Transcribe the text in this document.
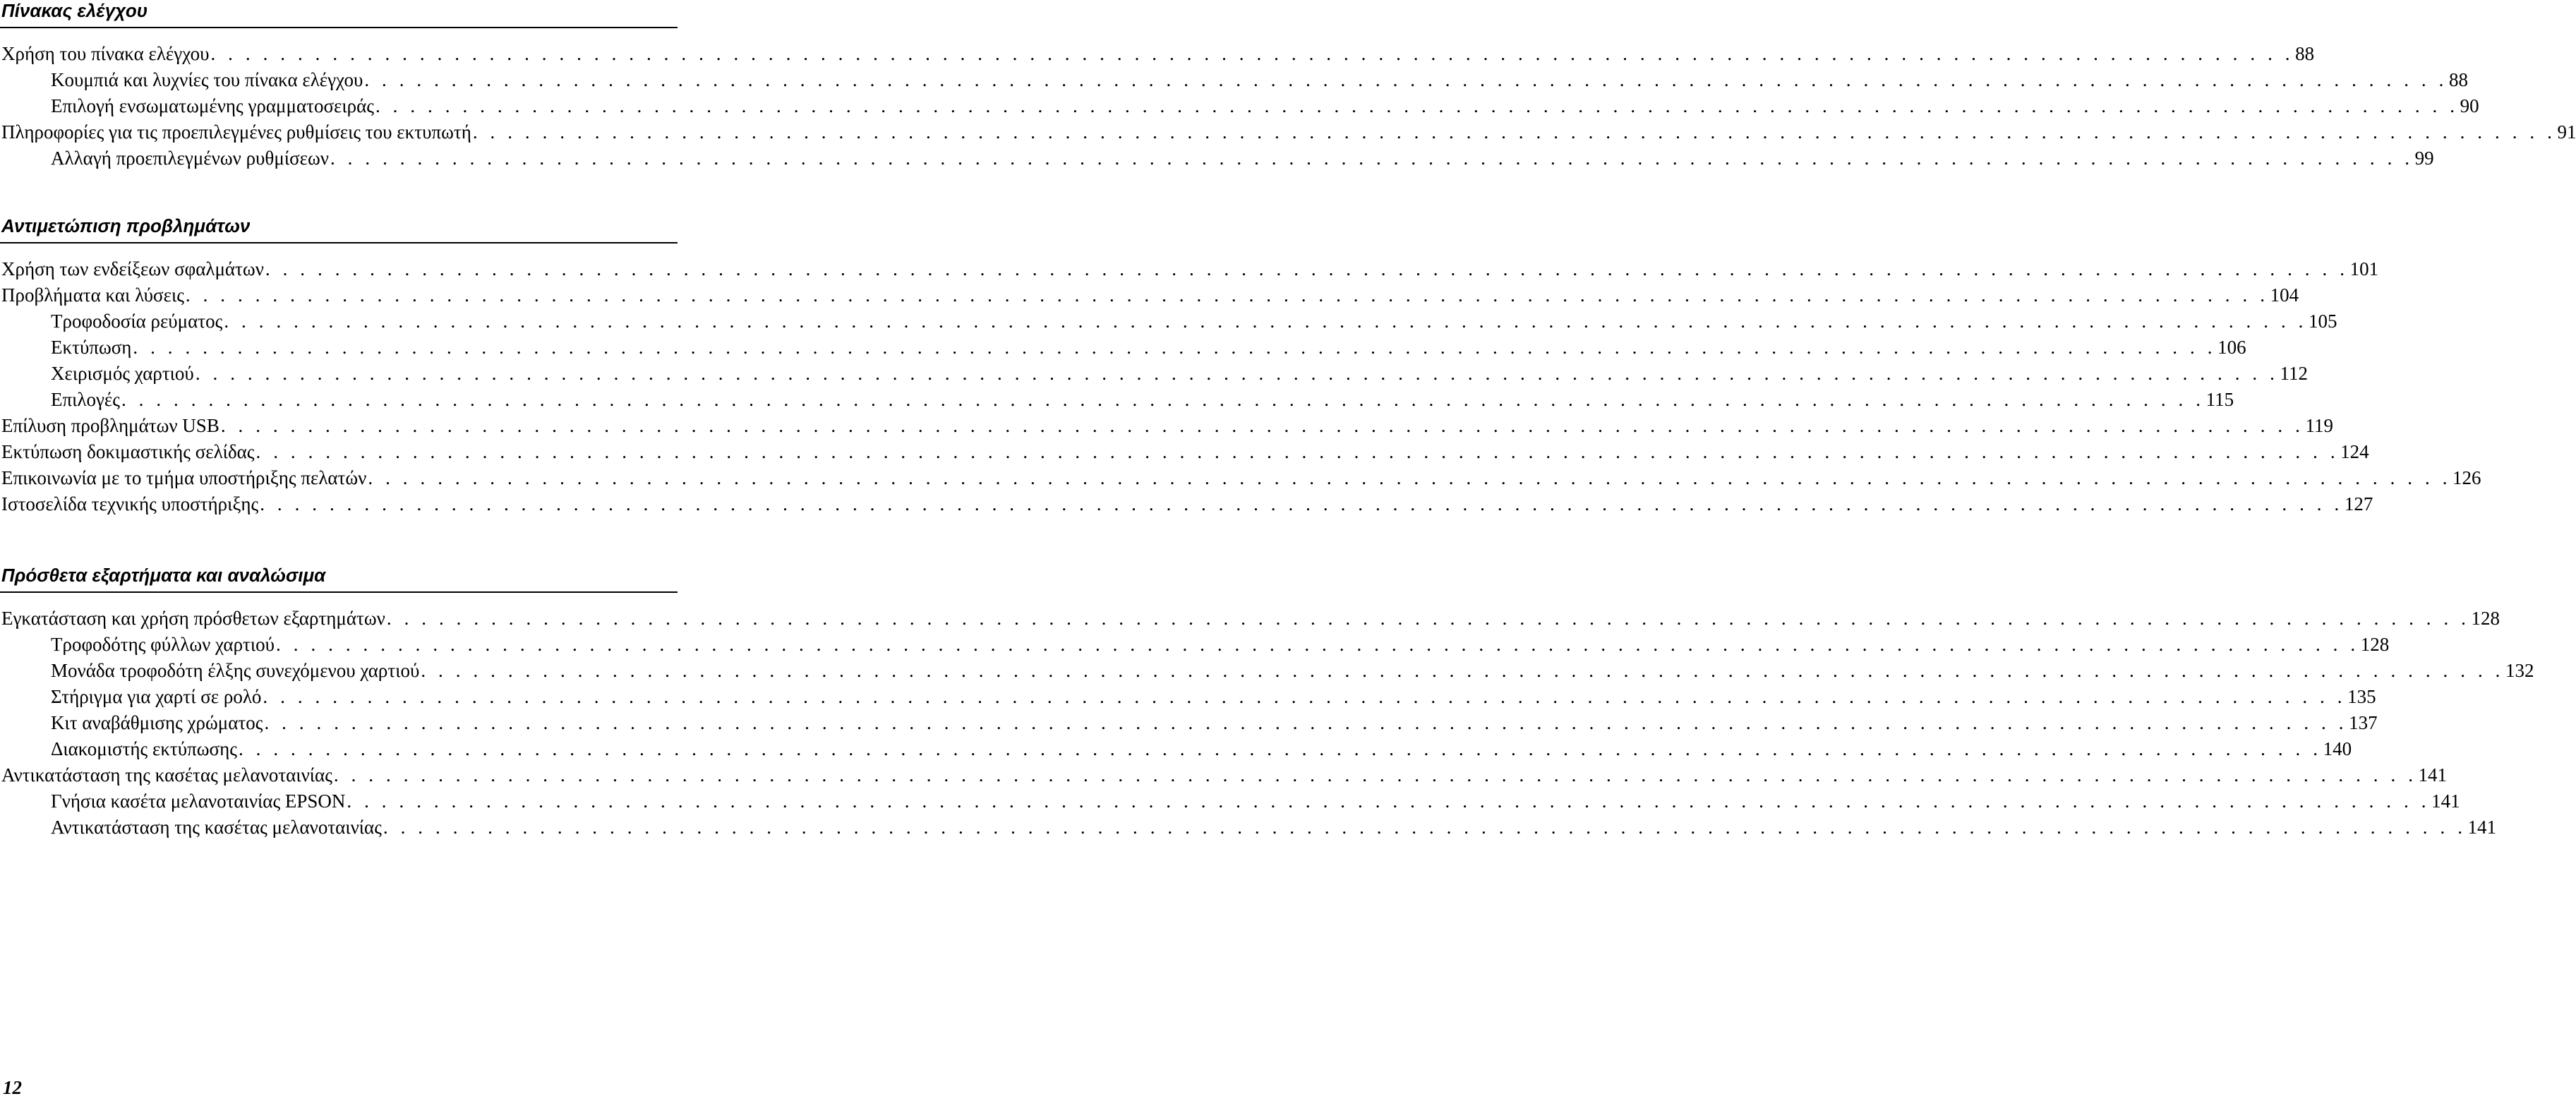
Πίνακας ελέγχου
Χρήση του πίνακα ελέγχου . . . . . . . . . . . . . . . . . . . . . . . . . . . . . . . . . . . . . . . . . . . . . . . . . . . . . . . . . . . . . . . . . . . . . . . . . . . . . . . . . . . . . . . . . . . . . . . . . . . . . . . . . . . . . . . . . . . . . . . . 88
Κουμπιά και λυχνίες του πίνακα ελέγχου . . . . . . . . . . . . . . . . . . . . . . . . . . . . . . . . . . . . . . . . . . . . . . . . . . . . . . . . . . . . . . . . . . . . . . . . . . . . . . . . . . . . . . . . . . . . . . . . . . . . . . . . . . . . . . . . . . . . . . . . 88
Επιλογή ενσωματωμένης γραμματοσειράς . . . . . . . . . . . . . . . . . . . . . . . . . . . . . . . . . . . . . . . . . . . . . . . . . . . . . . . . . . . . . . . . . . . . . . . . . . . . . . . . . . . . . . . . . . . . . . . . . . . . . . . . . . . . . . . . . . . . . . . . 90
Πληροφορίες για τις προεπιλεγμένες ρυθμίσεις του εκτυπωτή . . . . . . . . . . . . . . . . . . . . . . . . . . . . . . . . . . . . . . . . . . . . . . . . . . . . . . . . . . . . . . . . . . . . . . . . . . . . . . . . . . . . . . . . . . . . . . . . . . . . . . . . . . . . . . . . . . . . . . . . 91
Αλλαγή προεπιλεγμένων ρυθμίσεων . . . . . . . . . . . . . . . . . . . . . . . . . . . . . . . . . . . . . . . . . . . . . . . . . . . . . . . . . . . . . . . . . . . . . . . . . . . . . . . . . . . . . . . . . . . . . . . . . . . . . . . . . . . . . . . . . . . . . . . . 99
Αντιμετώπιση προβλημάτων
Χρήση των ενδείξεων σφαλμάτων . . . . . . . . . . . . . . . . . . . . . . . . . . . . . . . . . . . . . . . . . . . . . . . . . . . . . . . . . . . . . . . . . . . . . . . . . . . . . . . . . . . . . . . . . . . . . . . . . . . . . . . . . . . . . . . . . . . . . . . . 101
Προβλήματα και λύσεις . . . . . . . . . . . . . . . . . . . . . . . . . . . . . . . . . . . . . . . . . . . . . . . . . . . . . . . . . . . . . . . . . . . . . . . . . . . . . . . . . . . . . . . . . . . . . . . . . . . . . . . . . . . . . . . . . . . . . . . . 104
Τροφοδοσία ρεύματος . . . . . . . . . . . . . . . . . . . . . . . . . . . . . . . . . . . . . . . . . . . . . . . . . . . . . . . . . . . . . . . . . . . . . . . . . . . . . . . . . . . . . . . . . . . . . . . . . . . . . . . . . . . . . . . . . . . . . . . . 105
Εκτύπωση . . . . . . . . . . . . . . . . . . . . . . . . . . . . . . . . . . . . . . . . . . . . . . . . . . . . . . . . . . . . . . . . . . . . . . . . . . . . . . . . . . . . . . . . . . . . . . . . . . . . . . . . . . . . . . . . . . . . . . . . 106
Χειρισμός χαρτιού . . . . . . . . . . . . . . . . . . . . . . . . . . . . . . . . . . . . . . . . . . . . . . . . . . . . . . . . . . . . . . . . . . . . . . . . . . . . . . . . . . . . . . . . . . . . . . . . . . . . . . . . . . . . . . . . . . . . . . . . 112
Επιλογές . . . . . . . . . . . . . . . . . . . . . . . . . . . . . . . . . . . . . . . . . . . . . . . . . . . . . . . . . . . . . . . . . . . . . . . . . . . . . . . . . . . . . . . . . . . . . . . . . . . . . . . . . . . . . . . . . . . . . . . . 115
Επίλυση προβλημάτων USB . . . . . . . . . . . . . . . . . . . . . . . . . . . . . . . . . . . . . . . . . . . . . . . . . . . . . . . . . . . . . . . . . . . . . . . . . . . . . . . . . . . . . . . . . . . . . . . . . . . . . . . . . . . . . . . . . . . . . . . . 119
Εκτύπωση δοκιμαστικής σελίδας . . . . . . . . . . . . . . . . . . . . . . . . . . . . . . . . . . . . . . . . . . . . . . . . . . . . . . . . . . . . . . . . . . . . . . . . . . . . . . . . . . . . . . . . . . . . . . . . . . . . . . . . . . . . . . . . . . . . . . . . 124
Επικοινωνία με το τμήμα υποστήριξης πελατών . . . . . . . . . . . . . . . . . . . . . . . . . . . . . . . . . . . . . . . . . . . . . . . . . . . . . . . . . . . . . . . . . . . . . . . . . . . . . . . . . . . . . . . . . . . . . . . . . . . . . . . . . . . . . . . . . . . . . . . . 126
Ιστοσελίδα τεχνικής υποστήριξης . . . . . . . . . . . . . . . . . . . . . . . . . . . . . . . . . . . . . . . . . . . . . . . . . . . . . . . . . . . . . . . . . . . . . . . . . . . . . . . . . . . . . . . . . . . . . . . . . . . . . . . . . . . . . . . . . . . . . . . . 127
Πρόσθετα εξαρτήματα και αναλώσιμα
Εγκατάσταση και χρήση πρόσθετων εξαρτημάτων . . . . . . . . . . . . . . . . . . . . . . . . . . . . . . . . . . . . . . . . . . . . . . . . . . . . . . . . . . . . . . . . . . . . . . . . . . . . . . . . . . . . . . . . . . . . . . . . . . . . . . . . . . . . . . . . . . . . . . . . 128
Τροφοδότης φύλλων χαρτιού . . . . . . . . . . . . . . . . . . . . . . . . . . . . . . . . . . . . . . . . . . . . . . . . . . . . . . . . . . . . . . . . . . . . . . . . . . . . . . . . . . . . . . . . . . . . . . . . . . . . . . . . . . . . . . . . . . . . . . . . 128
Μονάδα τροφοδότη έλξης συνεχόμενου χαρτιού . . . . . . . . . . . . . . . . . . . . . . . . . . . . . . . . . . . . . . . . . . . . . . . . . . . . . . . . . . . . . . . . . . . . . . . . . . . . . . . . . . . . . . . . . . . . . . . . . . . . . . . . . . . . . . . . . . . . . . . . 132
Στήριγμα για χαρτί σε ρολό . . . . . . . . . . . . . . . . . . . . . . . . . . . . . . . . . . . . . . . . . . . . . . . . . . . . . . . . . . . . . . . . . . . . . . . . . . . . . . . . . . . . . . . . . . . . . . . . . . . . . . . . . . . . . . . . . . . . . . . . 135
Κιτ αναβάθμισης χρώματος . . . . . . . . . . . . . . . . . . . . . . . . . . . . . . . . . . . . . . . . . . . . . . . . . . . . . . . . . . . . . . . . . . . . . . . . . . . . . . . . . . . . . . . . . . . . . . . . . . . . . . . . . . . . . . . . . . . . . . . . 137
Διακομιστής εκτύπωσης . . . . . . . . . . . . . . . . . . . . . . . . . . . . . . . . . . . . . . . . . . . . . . . . . . . . . . . . . . . . . . . . . . . . . . . . . . . . . . . . . . . . . . . . . . . . . . . . . . . . . . . . . . . . . . . . . . . . . . . . 140
Αντικατάσταση της κασέτας μελανοταινίας . . . . . . . . . . . . . . . . . . . . . . . . . . . . . . . . . . . . . . . . . . . . . . . . . . . . . . . . . . . . . . . . . . . . . . . . . . . . . . . . . . . . . . . . . . . . . . . . . . . . . . . . . . . . . . . . . . . . . . . . 141
Γνήσια κασέτα μελανοταινίας EPSON . . . . . . . . . . . . . . . . . . . . . . . . . . . . . . . . . . . . . . . . . . . . . . . . . . . . . . . . . . . . . . . . . . . . . . . . . . . . . . . . . . . . . . . . . . . . . . . . . . . . . . . . . . . . . . . . . . . . . . . . 141
Αντικατάσταση της κασέτας μελανοταινίας . . . . . . . . . . . . . . . . . . . . . . . . . . . . . . . . . . . . . . . . . . . . . . . . . . . . . . . . . . . . . . . . . . . . . . . . . . . . . . . . . . . . . . . . . . . . . . . . . . . . . . . . . . . . . . . . . . . . . . . . 141
12
